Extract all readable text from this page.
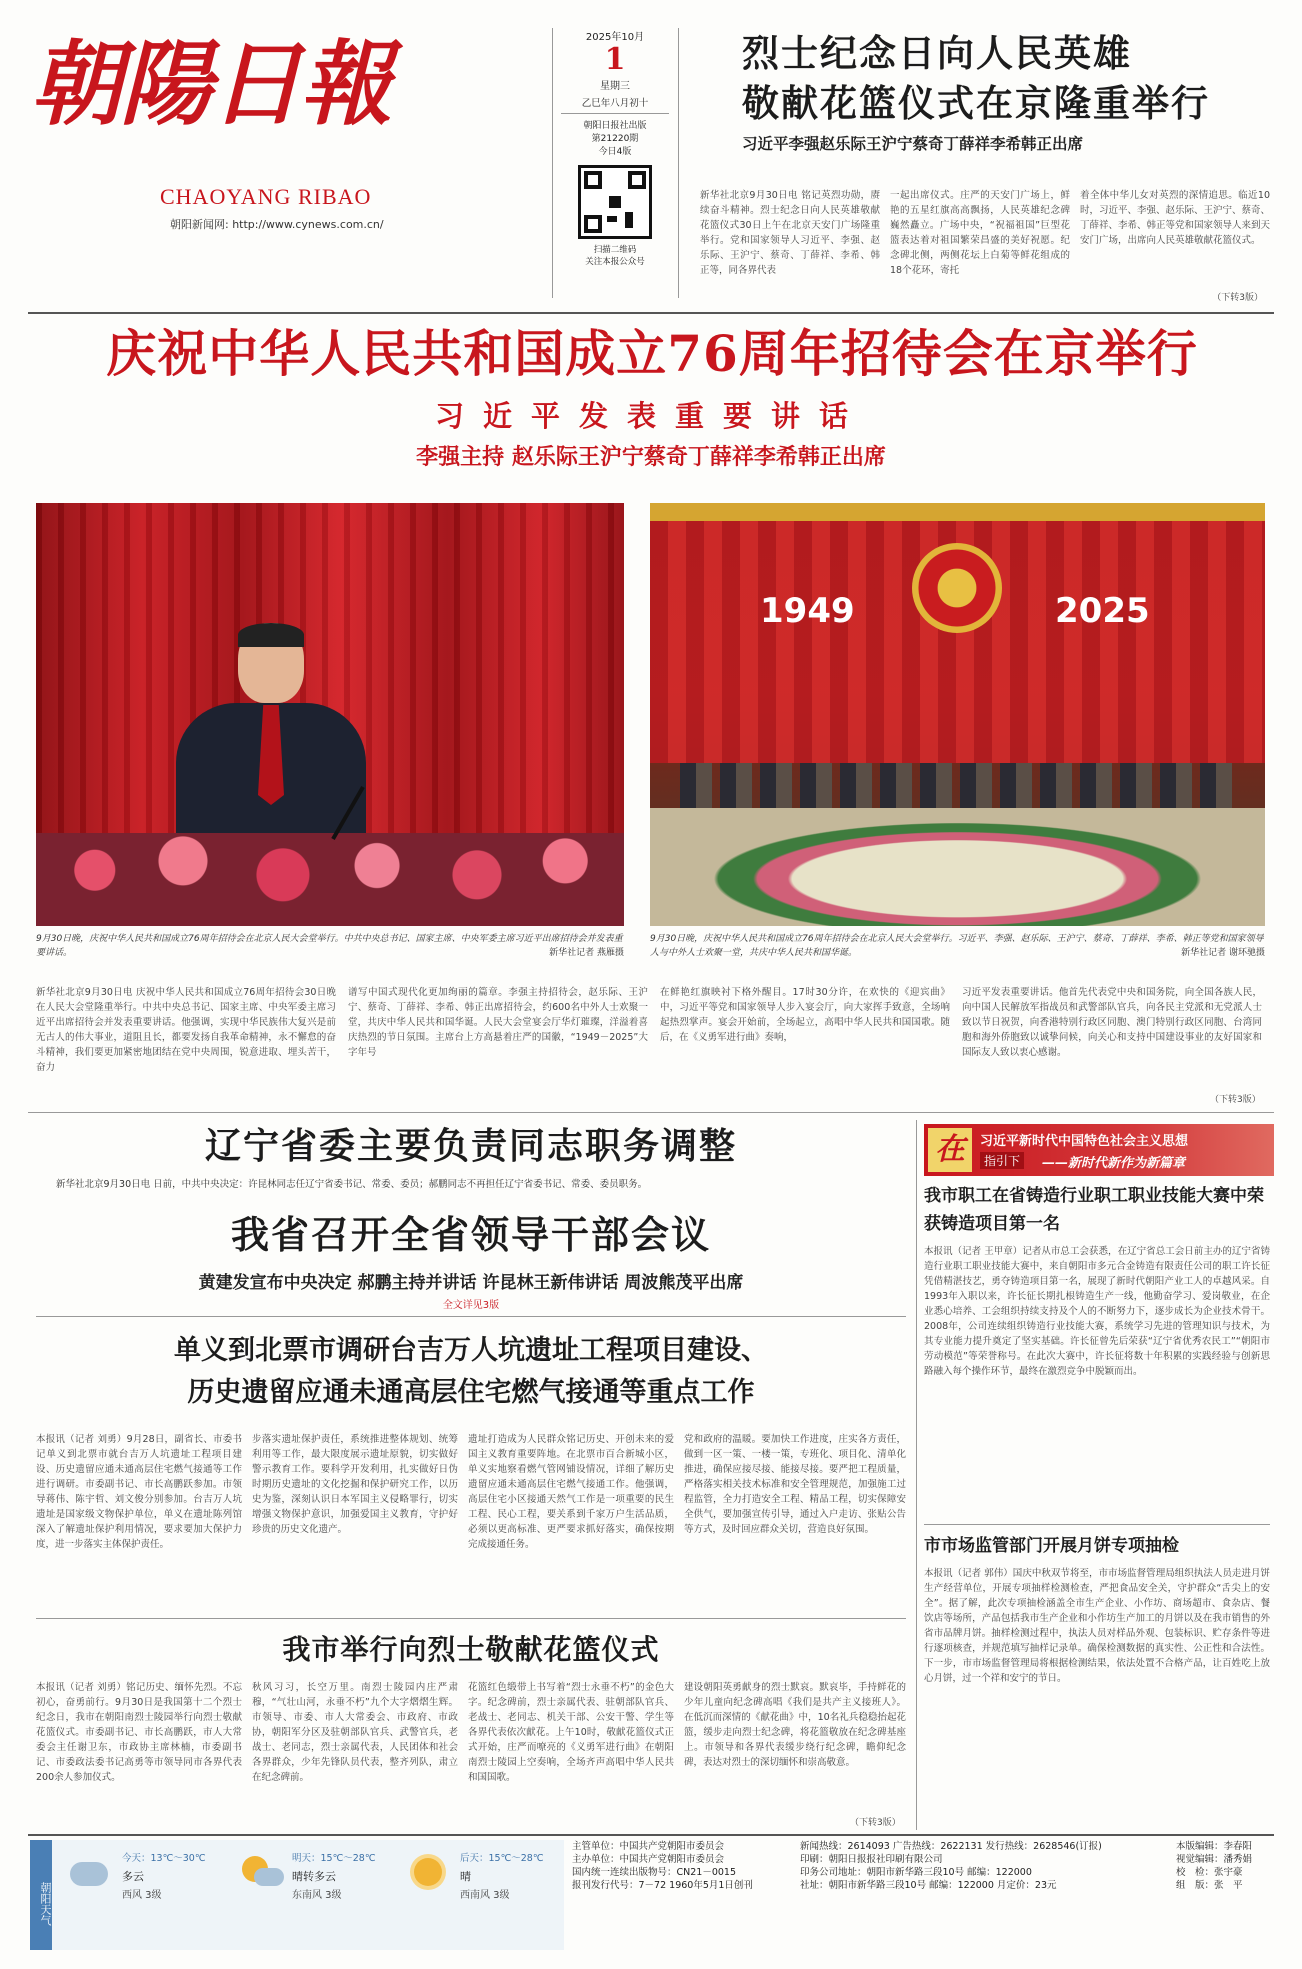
朝 陽 日 報
CHAOYANG RIBAO
朝阳新闻网: http://www.cynews.com.cn/
2025年10月
1
星期三
乙巳年八月初十
朝阳日报社出版
第21220期
今日4版
扫描二维码
关注本报公众号
烈士纪念日向人民英雄
敬献花篮仪式在京隆重举行
习近平李强赵乐际王沪宁蔡奇丁薛祥李希韩正出席
新华社北京9月30日电 铭记英烈功勋，赓续奋斗精神。烈士纪念日向人民英雄敬献花篮仪式30日上午在北京天安门广场隆重举行。党和国家领导人习近平、李强、赵乐际、王沪宁、蔡奇、丁薛祥、李希、韩正等，同各界代表
一起出席仪式。庄严的天安门广场上，鲜艳的五星红旗高高飘扬，人民英雄纪念碑巍然矗立。广场中央，“祝福祖国”巨型花篮表达着对祖国繁荣昌盛的美好祝愿。纪念碑北侧，两侧花坛上白菊等鲜花组成的18个花环，寄托
着全体中华儿女对英烈的深情追思。临近10时，习近平、李强、赵乐际、王沪宁、蔡奇、丁薛祥、李希、韩正等党和国家领导人来到天安门广场，出席向人民英雄敬献花篮仪式。
（下转3版）
庆祝中华人民共和国成立76周年招待会在京举行
习近平发表重要讲话
李强主持 赵乐际王沪宁蔡奇丁薛祥李希韩正出席
1949	2025
9月30日晚，庆祝中华人民共和国成立76周年招待会在北京人民大会堂举行。中共中央总书记、国家主席、中央军委主席习近平出席招待会并发表重要讲话。	新华社记者 燕雁摄
9月30日晚，庆祝中华人民共和国成立76周年招待会在北京人民大会堂举行。习近平、李强、赵乐际、王沪宁、蔡奇、丁薛祥、李希、韩正等党和国家领导人与中外人士欢聚一堂，共庆中华人民共和国华诞。	新华社记者 谢环驰摄
新华社北京9月30日电 庆祝中华人民共和国成立76周年招待会30日晚在人民大会堂隆重举行。中共中央总书记、国家主席、中央军委主席习近平出席招待会并发表重要讲话。他强调，实现中华民族伟大复兴是前无古人的伟大事业，道阻且长，都要发扬自我革命精神，永不懈怠的奋斗精神，我们要更加紧密地团结在党中央周围，锐意进取、埋头苦干，奋力
谱写中国式现代化更加绚丽的篇章。李强主持招待会，赵乐际、王沪宁、蔡奇、丁薛祥、李希、韩正出席招待会，约600名中外人士欢聚一堂，共庆中华人民共和国华诞。人民大会堂宴会厅华灯璀璨，洋溢着喜庆热烈的节日氛围。主席台上方高悬着庄严的国徽，“1949－2025”大字年号
在鲜艳红旗映衬下格外醒目。17时30分许，在欢快的《迎宾曲》中，习近平等党和国家领导人步入宴会厅，向大家挥手致意，全场响起热烈掌声。宴会开始前，全场起立，高唱中华人民共和国国歌。随后，在《义勇军进行曲》奏响，
习近平发表重要讲话。他首先代表党中央和国务院，向全国各族人民，向中国人民解放军指战员和武警部队官兵，向各民主党派和无党派人士致以节日祝贺，向香港特别行政区同胞、澳门特别行政区同胞、台湾同胞和海外侨胞致以诚挚问候，向关心和支持中国建设事业的友好国家和国际友人致以衷心感谢。
（下转3版）
辽宁省委主要负责同志职务调整
新华社北京9月30日电 日前，中共中央决定：许昆林同志任辽宁省委书记、常委、委员；郝鹏同志不再担任辽宁省委书记、常委、委员职务。
我省召开全省领导干部会议
黄建发宣布中央决定 郝鹏主持并讲话 许昆林王新伟讲话 周波熊茂平出席
全文详见3版
单义到北票市调研台吉万人坑遗址工程项目建设、
历史遗留应通未通高层住宅燃气接通等重点工作
本报讯（记者 刘勇）9月28日，副省长、市委书记单义到北票市就台吉万人坑遗址工程项目建设、历史遗留应通未通高层住宅燃气接通等工作进行调研。市委副书记、市长高鹏跃参加。市领导蒋伟、陈宇哲、刘文俊分别参加。台吉万人坑遗址是国家级文物保护单位，单义在遗址陈列馆深入了解遗址保护利用情况，要求要加大保护力度，进一步落实主体保护责任。
步落实遗址保护责任，系统推进整体规划、统筹利用等工作，最大限度展示遗址原貌，切实做好警示教育工作。要科学开发利用，扎实做好日伪时期历史遗址的文化挖掘和保护研究工作，以历史为鉴，深刻认识日本军国主义侵略罪行，切实增强文物保护意识，加强爱国主义教育，守护好珍贵的历史文化遗产。
遗址打造成为人民群众铭记历史、开创未来的爱国主义教育重要阵地。在北票市百合新城小区，单义实地察看燃气管网铺设情况，详细了解历史遗留应通未通高层住宅燃气接通工作。他强调，高层住宅小区接通天然气工作是一项重要的民生工程、民心工程，要关系到千家万户生活品质，必须以更高标准、更严要求抓好落实，确保按期完成接通任务。
党和政府的温暖。要加快工作进度，庄实各方责任，做到一区一策、一楼一策，专班化、项目化、清单化推进，确保应接尽接、能接尽接。要严把工程质量，严格落实相关技术标准和安全管理规范，加强施工过程监管，全力打造安全工程、精品工程，切实保障安全供气，要加强宣传引导，通过入户走访、张贴公告等方式，及时回应群众关切，营造良好氛围。
我市举行向烈士敬献花篮仪式
本报讯（记者 刘勇）铭记历史、缅怀先烈。不忘初心，奋勇前行。9月30日是我国第十二个烈士纪念日，我市在朝阳南烈士陵园举行向烈士敬献花篮仪式。市委副书记、市长高鹏跃，市人大常委会主任谢卫东，市政协主席林楠，市委副书记、市委政法委书记高勇等市领导同市各界代表200余人参加仪式。
秋风习习，长空万里。南烈士陵园内庄严肃穆，“气壮山河，永垂不朽”九个大字熠熠生辉。市领导、市委、市人大常委会、市政府、市政协，朝阳军分区及驻朝部队官兵、武警官兵，老战士、老同志，烈士亲属代表，人民团体和社会各界群众，少年先锋队员代表，整齐列队，肃立在纪念碑前。
花篮红色缎带上书写着“烈士永垂不朽”的金色大字。纪念碑前，烈士亲属代表、驻朝部队官兵、老战士、老同志、机关干部、公安干警、学生等各界代表依次献花。上午10时，敬献花篮仪式正式开始，庄严而嘹亮的《义勇军进行曲》在朝阳南烈士陵园上空奏响，全场齐声高唱中华人民共和国国歌。
建设朝阳英勇献身的烈士默哀。默哀毕，手持鲜花的少年儿童向纪念碑高唱《我们是共产主义接班人》。在低沉而深情的《献花曲》中，10名礼兵稳稳抬起花篮，缓步走向烈士纪念碑，将花篮敬放在纪念碑基座上。市领导和各界代表缓步绕行纪念碑，瞻仰纪念碑，表达对烈士的深切缅怀和崇高敬意。
（下转3版）
在	习近平新时代中国特色社会主义思想
指引下	——新时代新作为新篇章
我市职工在省铸造行业职工职业技能大赛中荣获铸造项目第一名
本报讯（记者 王甲章）记者从市总工会获悉，在辽宁省总工会日前主办的辽宁省铸造行业职工职业技能大赛中，来自朝阳市多元合金铸造有限责任公司的职工许长征凭借精湛技艺，勇夺铸造项目第一名，展现了新时代朝阳产业工人的卓越风采。自1993年入职以来，许长征长期扎根铸造生产一线，他勤奋学习、爱岗敬业，在企业悉心培养、工会组织持续支持及个人的不断努力下，逐步成长为企业技术骨干。2008年，公司连续组织铸造行业技能大赛，系统学习先进的管理知识与技术，为其专业能力提升奠定了坚实基础。许长征曾先后荣获“辽宁省优秀农民工”“朝阳市劳动模范”等荣誉称号。在此次大赛中，许长征将数十年积累的实践经验与创新思路融入每个操作环节，最终在激烈竞争中脱颖而出。
市市场监管部门开展月饼专项抽检
本报讯（记者 郭伟）国庆中秋双节将至，市市场监督管理局组织执法人员走进月饼生产经营单位，开展专项抽样检测检查，严把食品安全关，守护群众“舌尖上的安全”。据了解，此次专项抽检涵盖全市生产企业、小作坊、商场超市、食杂店、餐饮店等场所，产品包括我市生产企业和小作坊生产加工的月饼以及在我市销售的外省市品牌月饼。抽样检测过程中，执法人员对样品外观、包装标识、贮存条件等进行逐项核查，并规范填写抽样记录单。确保检测数据的真实性、公正性和合法性。下一步，市市场监督管理局将根据检测结果，依法处置不合格产品，让百姓吃上放心月饼，过一个祥和安宁的节日。
朝阳天气
今天：13℃～30℃
多云
西风 3级
明天：15℃～28℃
晴转多云
东南风 3级
后天：15℃～28℃
晴
西南风 3级
主管单位：中国共产党朝阳市委员会
主办单位：中国共产党朝阳市委员会
国内统一连续出版物号：CN21－0015
报刊发行代号：7－72 1960年5月1日创刊
新闻热线：2614093 广告热线：2622131 发行热线：2628546(订报)
印刷：朝阳日报报社印刷有限公司
印务公司地址：朝阳市新华路三段10号 邮编：122000
社址：朝阳市新华路三段10号 邮编：122000 月定价：23元
本版编辑：李春阳
视觉编辑：潘秀娟
校　检：张宇豪
组　版：张　平
